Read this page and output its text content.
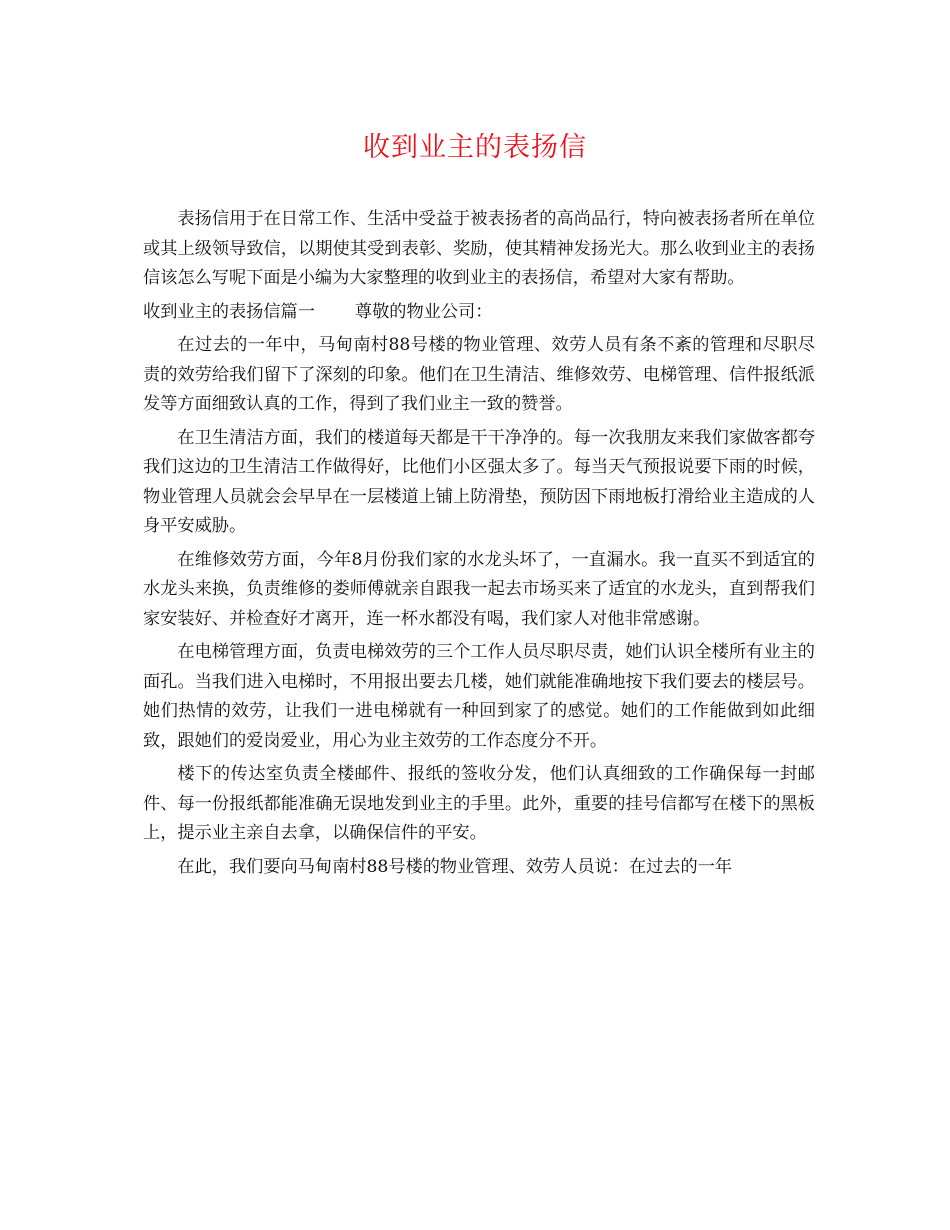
收到业主的表扬信

表扬信用于在日常工作、生活中受益于被表扬者的高尚品行，特向被表扬者所在单位或其上级领导致信，以期使其受到表彰、奖励，使其精神发扬光大。那么收到业主的表扬信该怎么写呢下面是小编为大家整理的收到业主的表扬信，希望对大家有帮助。

收到业主的表扬信篇一 尊敬的物业公司：

在过去的一年中，马甸南村88号楼的物业管理、效劳人员有条不紊的管理和尽职尽责的效劳给我们留下了深刻的印象。他们在卫生清洁、维修效劳、电梯管理、信件报纸派发等方面细致认真的工作，得到了我们业主一致的赞誉。

在卫生清洁方面，我们的楼道每天都是干干净净的。每一次我朋友来我们家做客都夸我们这边的卫生清洁工作做得好，比他们小区强太多了。每当天气预报说要下雨的时候，物业管理人员就会会早早在一层楼道上铺上防滑垫，预防因下雨地板打滑给业主造成的人身平安威胁。

在维修效劳方面，今年8月份我们家的水龙头坏了，一直漏水。我一直买不到适宜的水龙头来换，负责维修的娄师傅就亲自跟我一起去市场买来了适宜的水龙头，直到帮我们家安装好、并检查好才离开，连一杯水都没有喝，我们家人对他非常感谢。

在电梯管理方面，负责电梯效劳的三个工作人员尽职尽责，她们认识全楼所有业主的面孔。当我们进入电梯时，不用报出要去几楼，她们就能准确地按下我们要去的楼层号。她们热情的效劳，让我们一进电梯就有一种回到家了的感觉。她们的工作能做到如此细致，跟她们的爱岗爱业，用心为业主效劳的工作态度分不开。

楼下的传达室负责全楼邮件、报纸的签收分发，他们认真细致的工作确保每一封邮件、每一份报纸都能准确无误地发到业主的手里。此外，重要的挂号信都写在楼下的黑板上，提示业主亲自去拿，以确保信件的平安。

在此，我们要向马甸南村88号楼的物业管理、效劳人员说：在过去的一年
